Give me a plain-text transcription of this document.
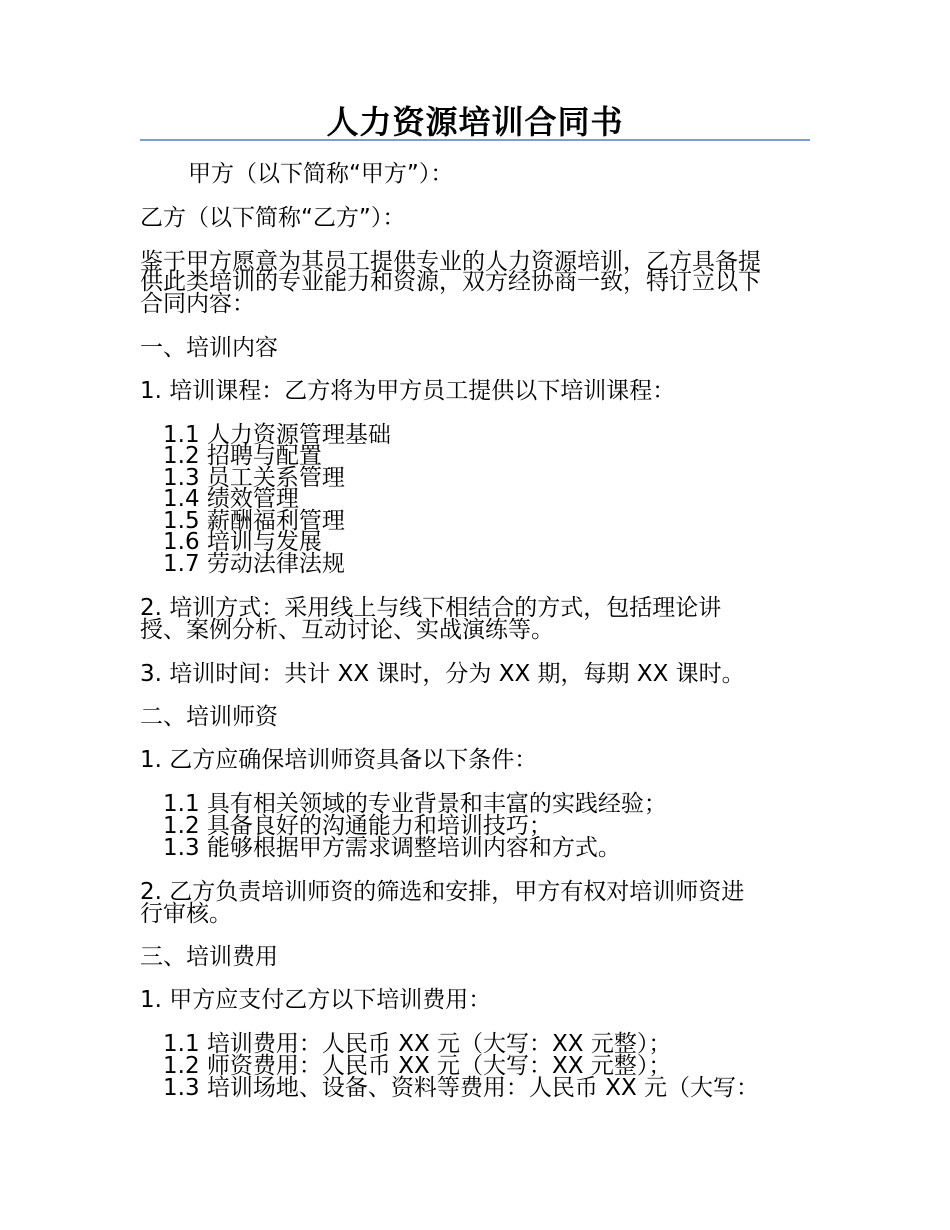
人力资源培训合同书
甲方（以下简称“甲方”）：
乙方（以下简称“乙方”）：
鉴于甲方愿意为其员工提供专业的人力资源培训，乙方具备提
供此类培训的专业能力和资源，双方经协商一致，特订立以下
合同内容：
一、培训内容
1. 培训课程：乙方将为甲方员工提供以下培训课程：
1.1 人力资源管理基础
1.2 招聘与配置
1.3 员工关系管理
1.4 绩效管理
1.5 薪酬福利管理
1.6 培训与发展
1.7 劳动法律法规
2. 培训方式：采用线上与线下相结合的方式，包括理论讲
授、案例分析、互动讨论、实战演练等。
3. 培训时间：共计 XX 课时，分为 XX 期，每期 XX 课时。
二、培训师资
1. 乙方应确保培训师资具备以下条件：
1.1 具有相关领域的专业背景和丰富的实践经验；
1.2 具备良好的沟通能力和培训技巧；
1.3 能够根据甲方需求调整培训内容和方式。
2. 乙方负责培训师资的筛选和安排，甲方有权对培训师资进
行审核。
三、培训费用
1. 甲方应支付乙方以下培训费用：
1.1 培训费用：人民币 XX 元（大写：XX 元整）；
1.2 师资费用：人民币 XX 元（大写：XX 元整）；
1.3 培训场地、设备、资料等费用：人民币 XX 元（大写：
